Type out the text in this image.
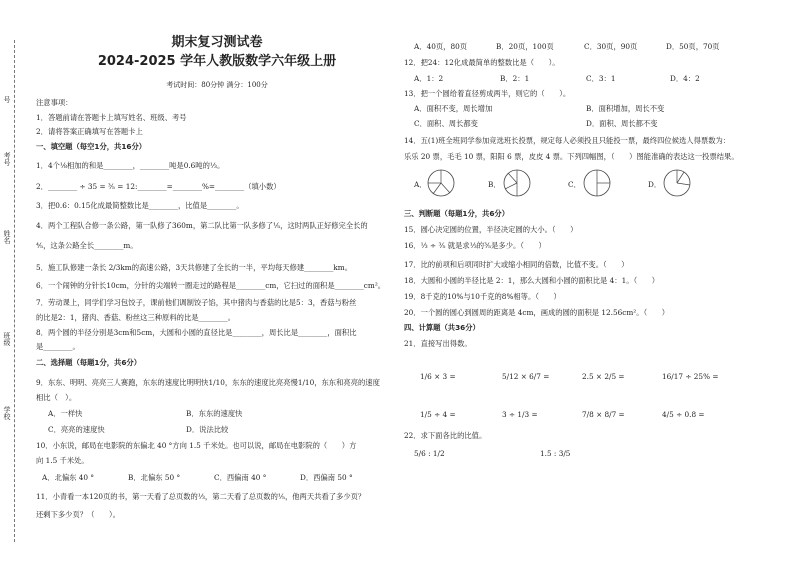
号
考号
姓名
班级
学校
期末复习测试卷
2024-2025 学年人教版数学六年级上册
考试时间：80分钟 满分：100分
注意事项：
1．答题前请在答题卡上填写姓名、班级、考号
2．请将答案正确填写在答题卡上
一、填空题（每空1分，共16分）
1．4个⅛相加的和是________，________吨是0.6吨的⅓。
2．________ ÷ 35 = ⅗ = 12:________=________%=________（填小数）
3．把0.6：0.15化成最简整数比是________，比值是________。
4．两个工程队合修一条公路，第一队修了360m，第二队比第一队多修了⅕，这时两队正好修完全长的
⅘，这条公路全长________m。
5．施工队修建一条长 2/3km的高速公路，3天共修建了全长的一半，平均每天修建________km。
6．一个闹钟的分针长10cm，分针的尖端转一圈走过的路程是________cm，它扫过的面积是________cm²。
7．劳动课上，同学们学习包饺子，课前他们调制饺子馅，其中猪肉与香菇的比是5：3，香菇与粉丝
的比是2：1，猪肉、香菇、粉丝这三种原料的比是________。
8．两个圆的半径分别是3cm和5cm，大圆和小圆的直径比是________，周长比是________，面积比
是________。
二、选择题（每题1分，共6分）
9．东东、明明、亮亮三人赛跑，东东的速度比明明快1/10，东东的速度比亮亮慢1/10，东东和亮亮的速度
相比（　）。
A．一样快	B．东东的速度快
C．亮亮的速度快	D．说法比较
10．小东说，邮局在电影院的东偏北 40 °方向 1.5 千米处。也可以说，邮局在电影院的（　　）方
向 1.5 千米处。
A．北偏东 40 °	B．北偏东 50 °	C．西偏南 40 °	D．西偏南 50 °
11．小青看一本120页的书，第一天看了总页数的⅓，第二天看了总页数的⅕，他两天共看了多少页？
还剩下多少页？（　　）。
A．40页，80页	B．20页，100页	C．30页，90页	D．50页，70页
12．把24：12化成最简单的整数比是（　　）。
A．1：2	B．2：1	C．3：1	D．4：2
13．把一个圆给着直径剪成两半，则它的（　　）。
A．面积不变，周长增加	B．面积增加，周长不变
C．面积、周长都变	D．面积、周长都不变
14．五(1)班全班同学参加竞选班长投票，规定每人必须投且只能投一票，最终四位候选人得票数为：
乐乐 20 票，毛毛 10 票，阳阳 6 票，皮皮 4 票。下列四幅图，（　　）图能准确的表达这一投票结果。
A．	B．	C．	D．
三、判断题（每题1分，共6分）
15．圆心决定圆的位置，半径决定圆的大小。（　　）
16．⅓ ÷ ⅗ 就是求⅓的⅗是多少。（　　）
17．比的前项和后项同时扩大或缩小相同的倍数，比值不变。（　　）
18．大圆和小圆的半径比是 2：1，那么大圆和小圆的面积比是 4：1。（　　）
19．8千克的10%与10千克的8%相等。（　　）
20．一个圆的圆心到圆周的距离是 4cm，画成的圆的面积是 12.56cm²。（　　）
四、计算题（共36分）
21．直接写出得数。
1/6 × 3 =	5/12 × 6/7 =	2.5 × 2/5 =	16/17 ÷ 25% =
1/5 ÷ 4 =	3 ÷ 1/3 =	7/8 × 8/7 =	4/5 ÷ 0.8 =
22．求下面各比的比值。
5/6 : 1/2	1.5 : 3/5
